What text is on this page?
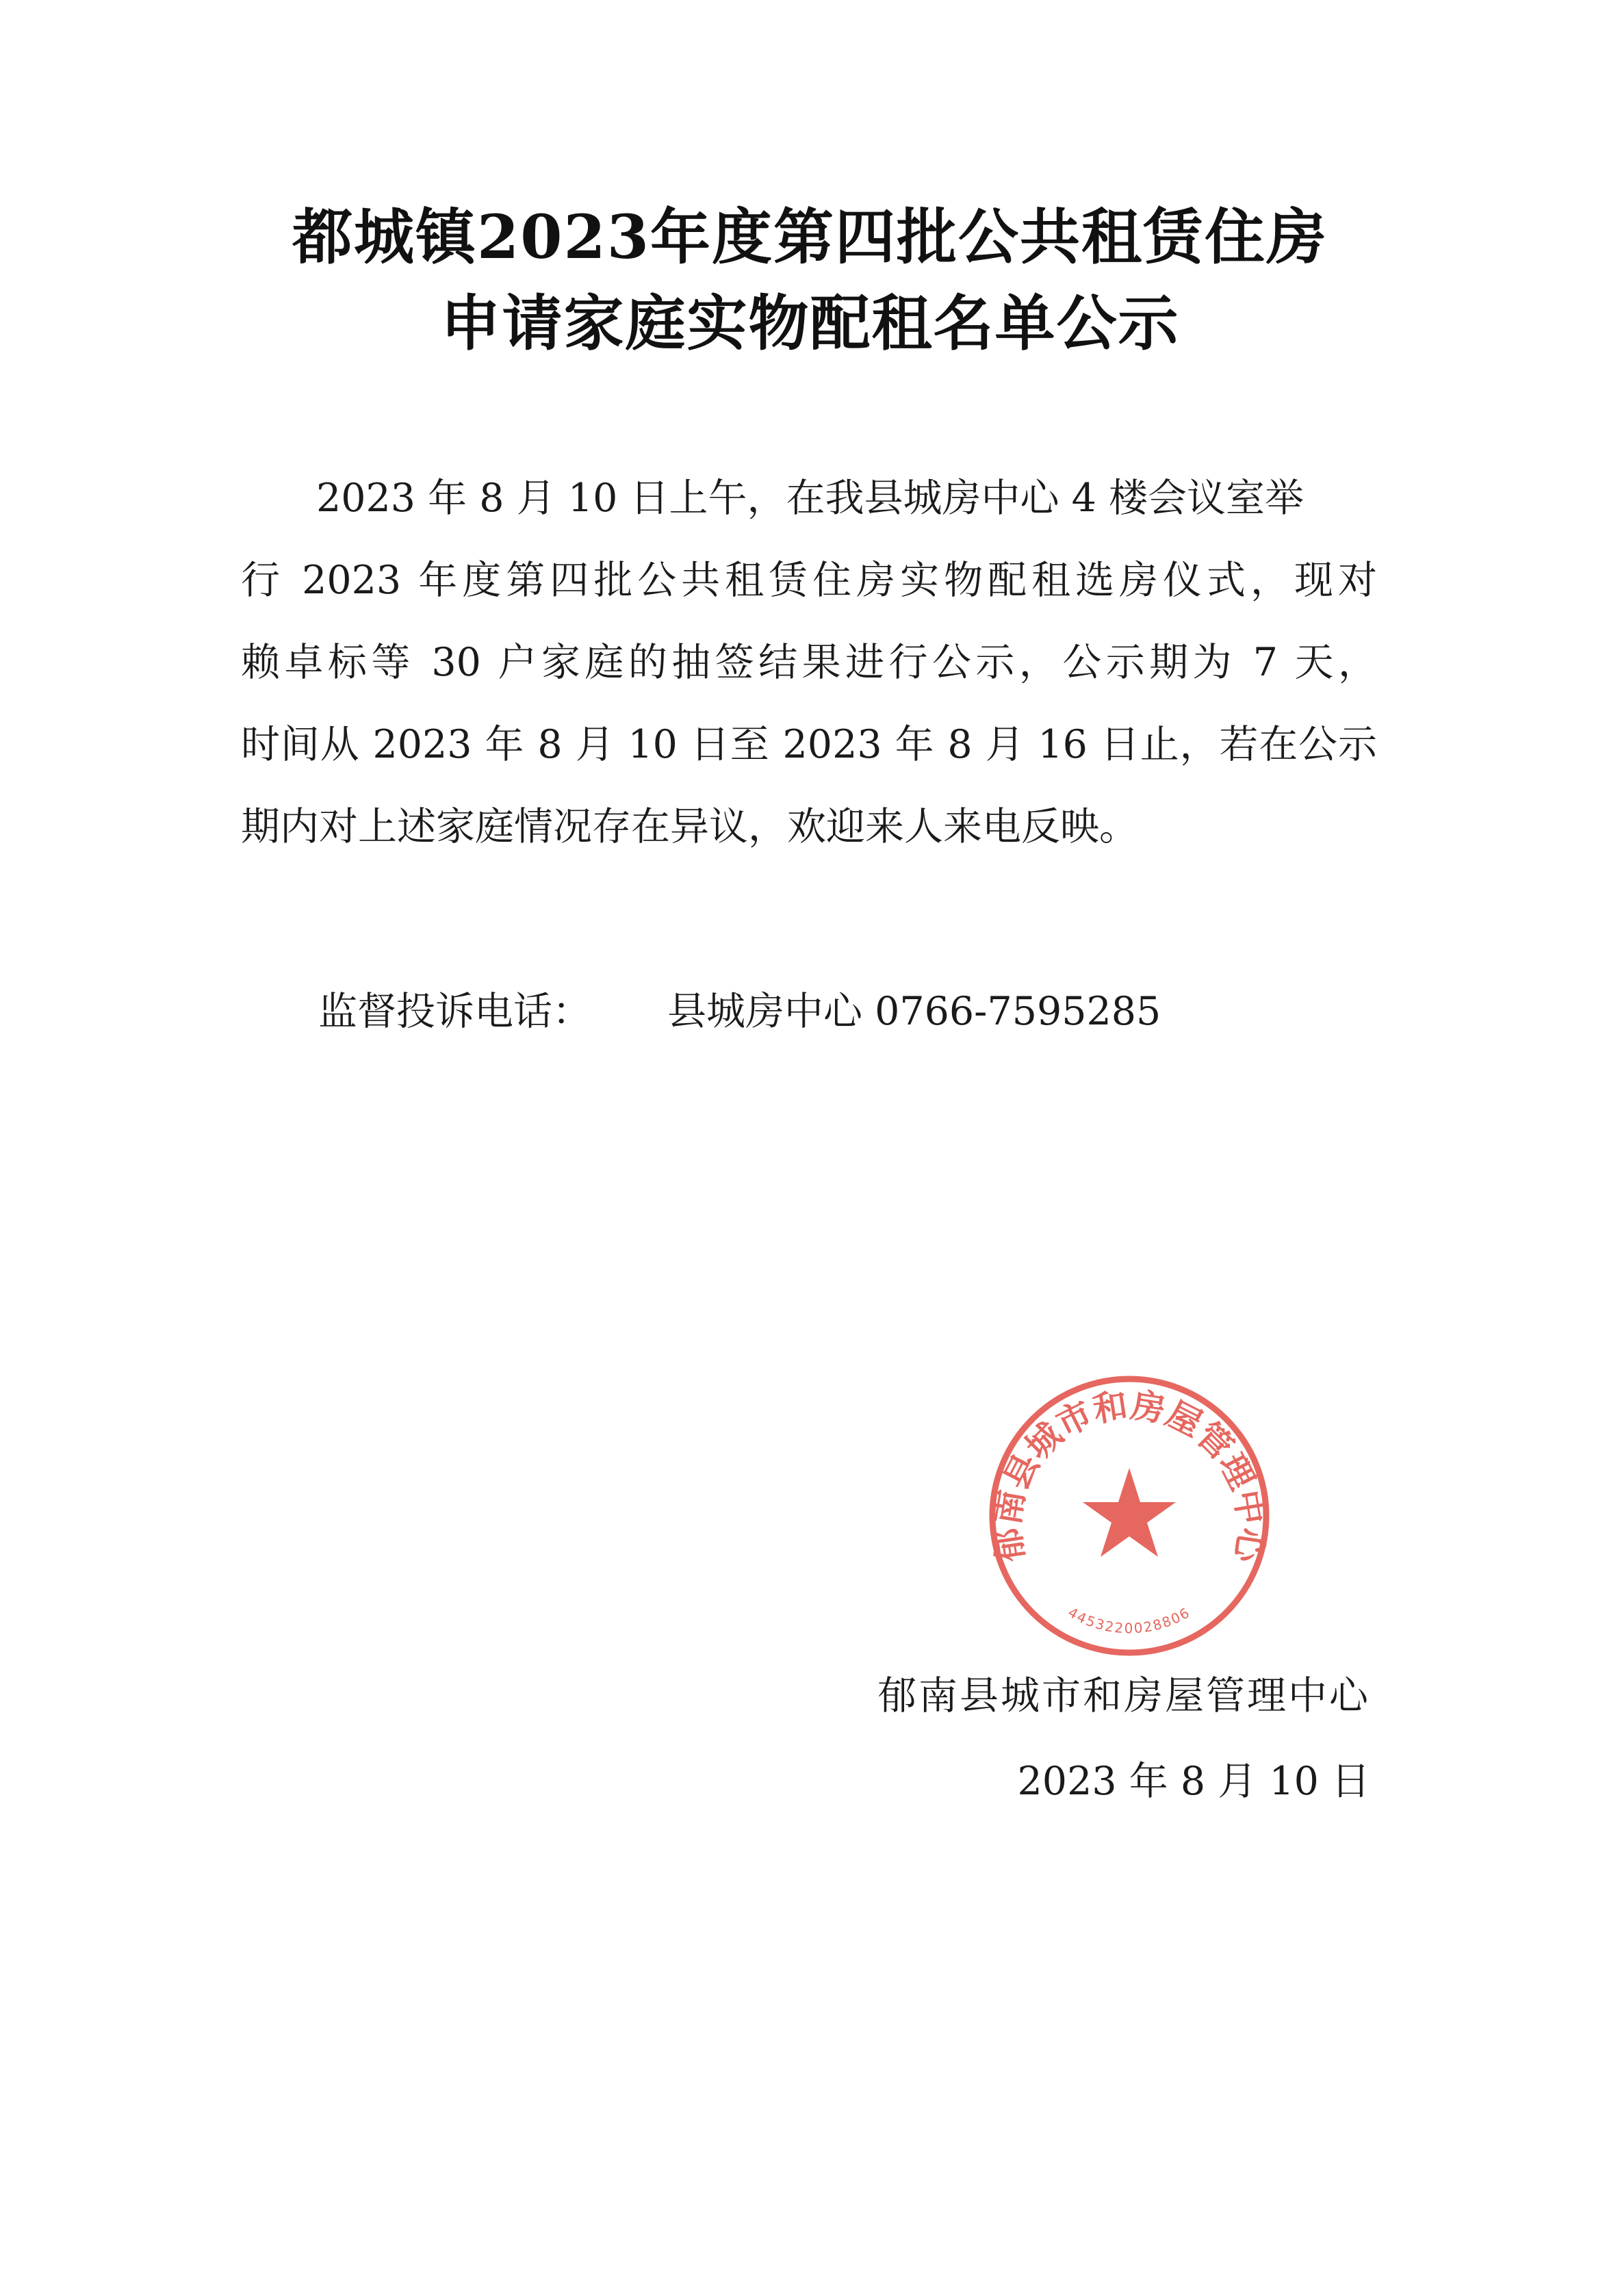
都城镇2023年度第四批公共租赁住房
申请家庭实物配租名单公示
2023 年 8 月 10 日上午，在我县城房中心 4 楼会议室举
行 2023 年度第四批公共租赁住房实物配租选房仪式，现对
赖卓标等 30 户家庭的抽签结果进行公示，公示期为 7 天，
时间从 2023 年 8 月 10 日至 2023 年 8 月 16 日止，若在公示
期内对上述家庭情况存在异议，欢迎来人来电反映。
监督投诉电话： 县城房中心 0766-7595285
郁南县城市和房屋管理中心
4453220028806
郁南县城市和房屋管理中心
2023 年 8 月 10 日
